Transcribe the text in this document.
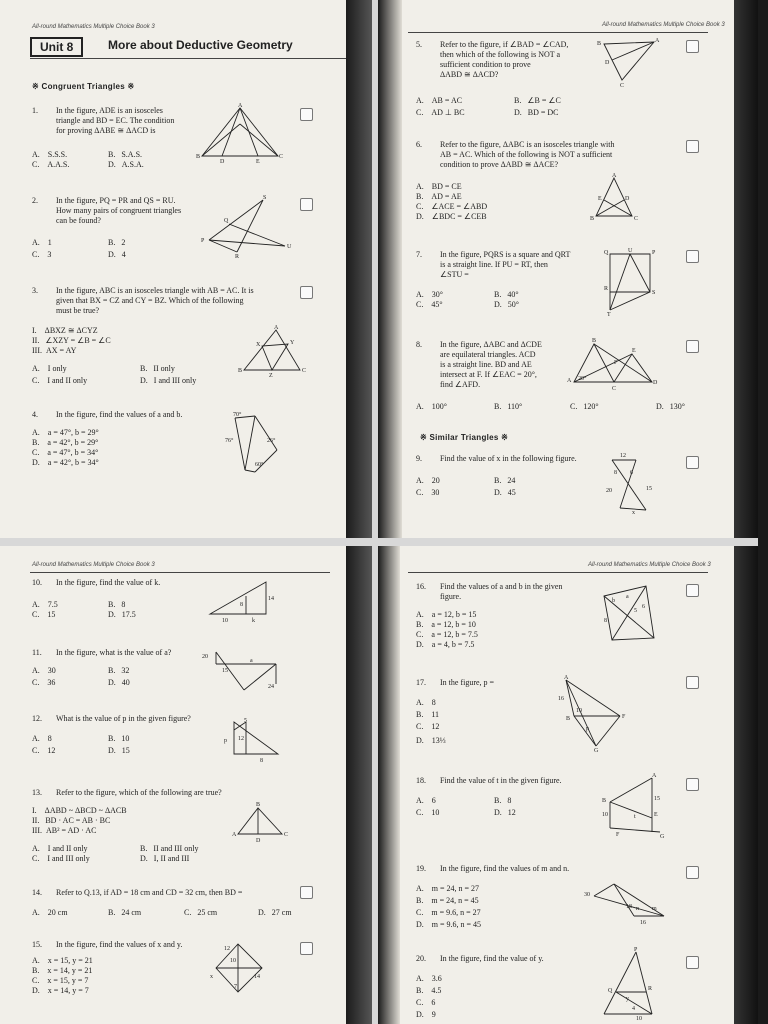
All-round Mathematics Multiple Choice Book 3
Unit 8	More about Deductive Geometry
※ Congruent Triangles ※
1. In the figure, ADE is an isosceles
triangle and BD = EC. The condition
for proving ΔABE ≅ ΔACD is
A. S.S.S.	B. S.A.S.
C. A.A.S.	D. A.S.A.
A
B	C
D	E
2. In the figure, PQ = PR and QS = RU.
How many pairs of congruent triangles
can be found?
A. 1	B. 2
C. 3	D. 4
P
S
Q
R
U
3. In the figure, ABC is an isosceles triangle with AB = AC. It is
given that BX = CZ and CY = BZ. Which of the following
must be true?
I. ΔBXZ ≅ ΔCYZ
II. ∠XZY = ∠B = ∠C
III. AX = AY
A. I only	B. II only
C. I and II only	D. I and III only
A
B	C
X	Y
Z
4. In the figure, find the values of a and b.
A. a = 47°, b = 29°
B. a = 42°, b = 29°
C. a = 47°, b = 34°
D. a = 42°, b = 34°
70°
76°	26°
60°
All-round Mathematics Multiple Choice Book 3
5. Refer to the figure, if ∠BAD = ∠CAD,
then which of the following is NOT a
sufficient condition to prove
ΔABD ≅ ΔACD?
A. AB = AC	B. ∠B = ∠C
C. AD ⊥ BC	D. BD = DC
B	A
D
C
6. Refer to the figure, ΔABC is an isosceles triangle with
AB = AC. Which of the following is NOT a sufficient
condition to prove ΔABD ≅ ΔACE?
A. BD = CE
B. AD = AE
C. ∠ACE = ∠ABD
D. ∠BDC = ∠CEB
A
B	C
D
E
7. In the figure, PQRS is a square and QRT
is a straight line. If PU = RT, then
∠STU =
A. 30°	B. 40°
C. 45°	D. 50°
Q	U	P
R
S
T
8. In the figure, ΔABC and ΔCDE
are equilateral triangles. ACD
is a straight line. BD and AE
intersect at F. If ∠EAC = 20°,
find ∠AFD.
A. 100°	B. 110°	C. 120°	D. 130°
A
B
C
D
E
F
20°
※ Similar Triangles ※
9. Find the value of x in the following figure.
A. 20	B. 24
C. 30	D. 45
12
8 6
20	15
x
All-round Mathematics Multiple Choice Book 3
10. In the figure, find the value of k.
A. 7.5	B. 8
C. 15	D. 17.5
14
10	k
8
11. In the figure, what is the value of a?
A. 30	B. 32
C. 36	D. 40
20
15
a
24
12. What is the value of p in the given figure?
A. 8	B. 10
C. 12	D. 15
5
p 12
8
13. Refer to the figure, which of the following are true?
I. ΔABD ~ ΔBCD ~ ΔACB
II. BD · AC = AB · BC
III. AB² = AD · AC
A. I and II only	B. II and III only
C. I and III only	D. I, II and III
B
A	C
D
14. Refer to Q.13, if AD = 18 cm and CD = 32 cm, then BD =
A. 20 cm	B. 24 cm	C. 25 cm	D. 27 cm
15. In the figure, find the values of x and y.
A. x = 15, y = 21
B. x = 14, y = 21
C. x = 15, y = 7
D. x = 14, y = 7
12
10
x	14
7
All-round Mathematics Multiple Choice Book 3
16. Find the values of a and b in the given
figure.
A. a = 12, b = 15
B. a = 12, b = 10
C. a = 12, b = 7.5
D. a = 4, b = 7.5
b
a
5
6
8
17. In the figure, p =
A. 8
B. 11
C. 12
D. 13⅓
A
16
10
B	F
p
G
18. Find the value of t in the given figure.
A. 6	B. 8
C. 10	D. 12
A
B	15
10	E
t
F	G
19. In the figure, find the values of m and n.
A. m = 24, n = 27
B. m = 24, n = 45
C. m = 9.6, n = 27
D. m = 9.6, n = 45
30
18 n m
16
20. In the figure, find the value of y.
A. 3.6
B. 4.5
C. 6
D. 9
P
Q	R
y
4
10
